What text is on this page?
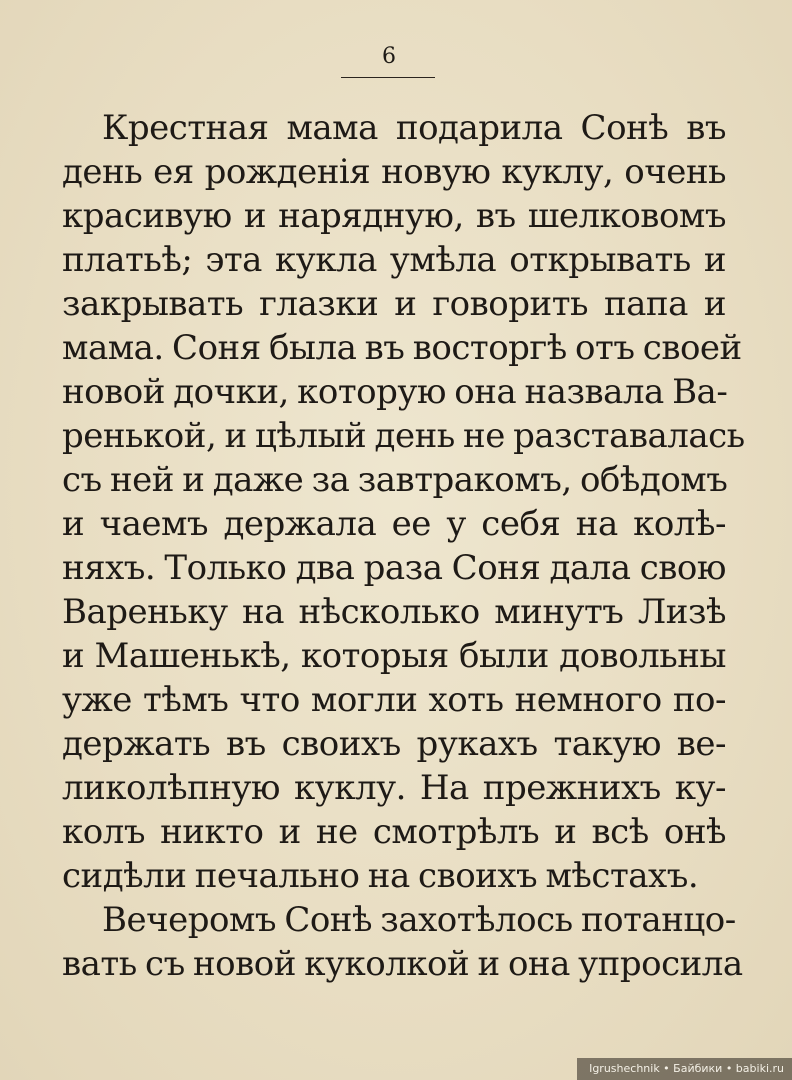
6
Крестная мама подарила Сонѣ въ
день ея рожденія новую куклу, очень
красивую и нарядную, въ шелковомъ
платьѣ; эта кукла умѣла открывать и
закрывать глазки и говорить папа и
мама. Соня была въ восторгѣ отъ своей
новой дочки, которую она назвала Ва-
ренькой, и цѣлый день не разставалась
съ ней и даже за завтракомъ, обѣдомъ
и чаемъ держала ее у себя на колѣ-
няхъ. Только два раза Соня дала свою
Вареньку на нѣсколько минутъ Лизѣ
и Машенькѣ, которыя были довольны
уже тѣмъ что могли хоть немного по-
держать въ своихъ рукахъ такую ве-
ликолѣпную куклу. На прежнихъ ку-
колъ никто и не смотрѣлъ и всѣ онѣ
сидѣли печально на своихъ мѣстахъ.
Вечеромъ Сонѣ захотѣлось потанцо-
вать съ новой куколкой и она упросила
Igrushechnik • Байбики • babiki.ru
